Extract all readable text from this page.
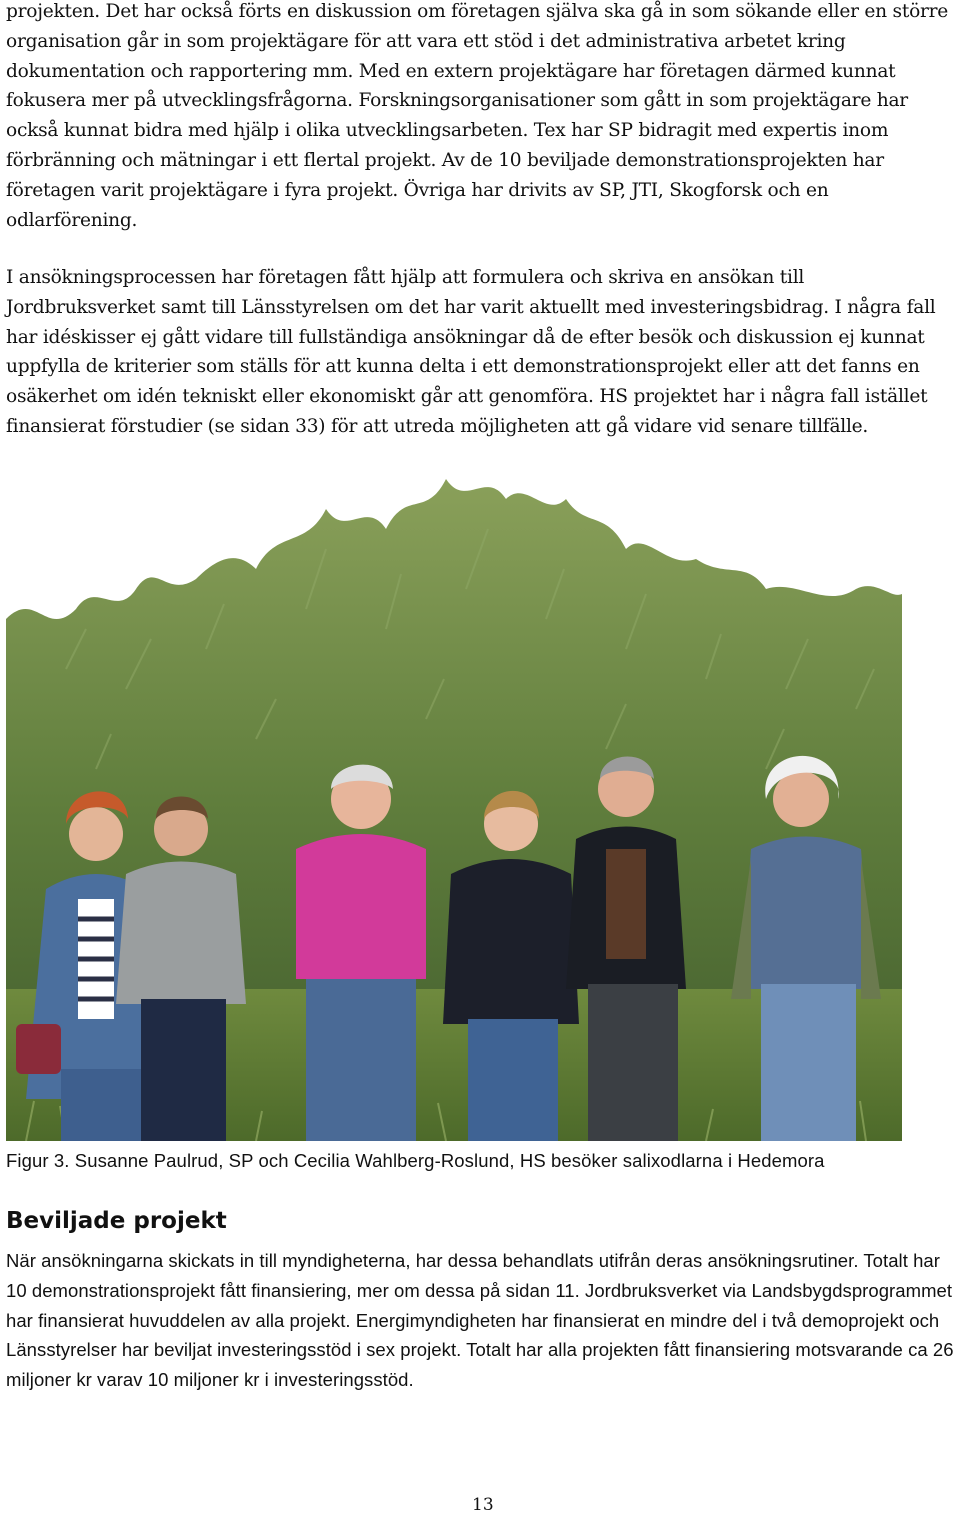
projekten. Det har också förts en diskussion om företagen själva ska gå in som sökande eller en större organisation går in som projektägare för att vara ett stöd i det administrativa arbetet kring dokumentation och rapportering mm. Med en extern projektägare har företagen därmed kunnat fokusera mer på utvecklingsfrågorna. Forskningsorganisationer som gått in som projektägare har också kunnat bidra med hjälp i olika utvecklingsarbeten. Tex har SP bidragit med expertis inom förbränning och mätningar i ett flertal projekt. Av de 10 beviljade demonstrationsprojekten har företagen varit projektägare i fyra projekt. Övriga har drivits av SP, JTI, Skogforsk och en odlarförening.

I ansökningsprocessen har företagen fått hjälp att formulera och skriva en ansökan till Jordbruksverket samt till Länsstyrelsen om det har varit aktuellt med investeringsbidrag. I några fall har idéskisser ej gått vidare till fullständiga ansökningar då de efter besök och diskussion ej kunnat uppfylla de kriterier som ställs för att kunna delta i ett demonstrationsprojekt eller att det fanns en osäkerhet om idén tekniskt eller ekonomiskt går att genomföra. HS projektet har i några fall istället finansierat förstudier (se sidan 33) för att utreda möjligheten att gå vidare vid senare tillfälle.

Figur 3. Susanne Paulrud, SP och Cecilia Wahlberg-Roslund, HS besöker salixodlarna i Hedemora

Beviljade projekt

När ansökningarna skickats in till myndigheterna, har dessa behandlats utifrån deras ansökningsrutiner. Totalt har 10 demonstrationsprojekt fått finansiering, mer om dessa på sidan 11. Jordbruksverket via Landsbygdsprogrammet har finansierat huvuddelen av alla projekt. Energimyndigheten har finansierat en mindre del i två demoprojekt och Länsstyrelser har beviljat investeringsstöd i sex projekt. Totalt har alla projekten fått finansiering motsvarande ca 26 miljoner kr varav 10 miljoner kr i investeringsstöd.

13
